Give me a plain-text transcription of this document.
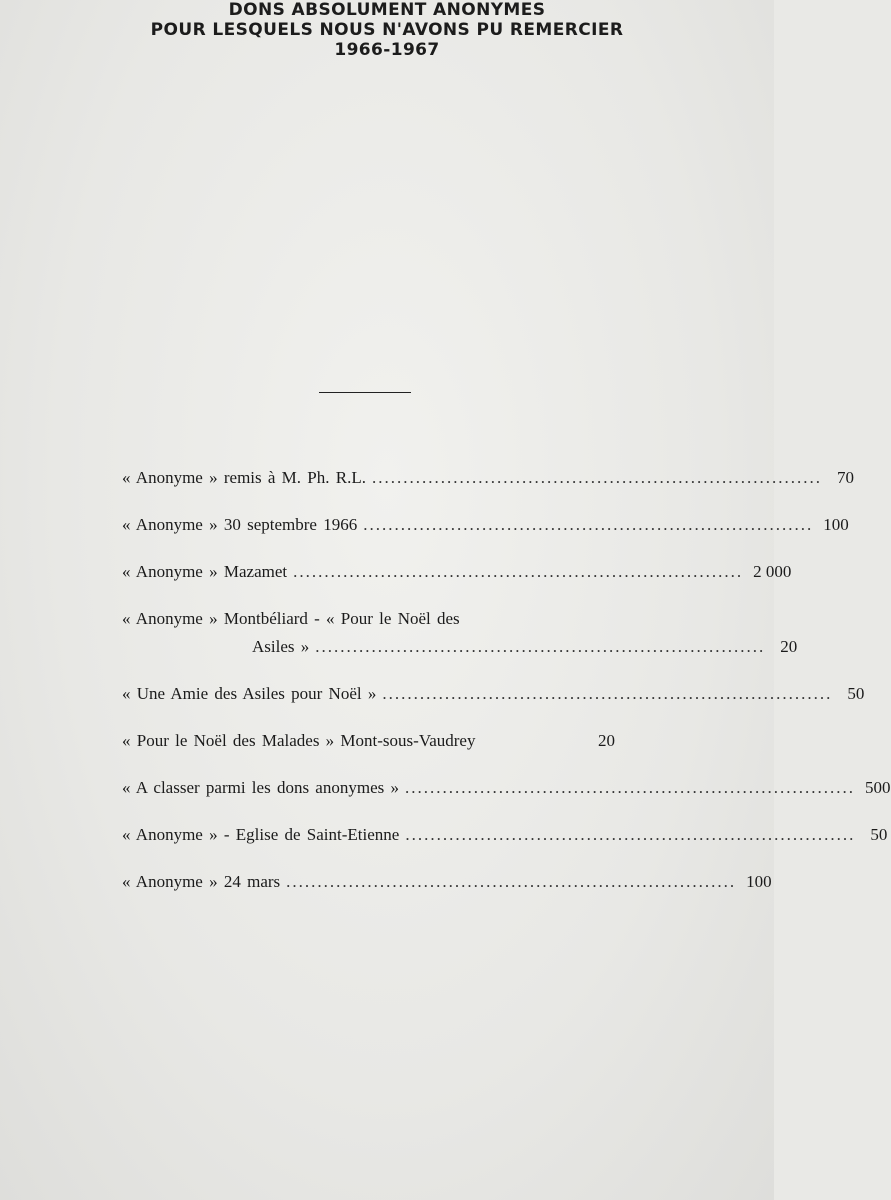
DONS ABSOLUMENT ANONYMES
POUR LESQUELS NOUS N'AVONS PU REMERCIER
1966-1967
« Anonyme » remis à M. Ph. R.L. ........................................................................ 70
« Anonyme » 30 septembre 1966 ........................................................................ 100
« Anonyme » Mazamet ........................................................................ 2 000
« Anonyme » Montbéliard - « Pour le Noël des
Asiles » ........................................................................ 20
« Une Amie des Asiles pour Noël » ........................................................................ 50
« Pour le Noël des Malades » Mont-sous-Vaudrey	20
« A classer parmi les dons anonymes » ........................................................................ 500
« Anonyme » - Eglise de Saint-Etienne ........................................................................ 50
« Anonyme » 24 mars ........................................................................ 100
